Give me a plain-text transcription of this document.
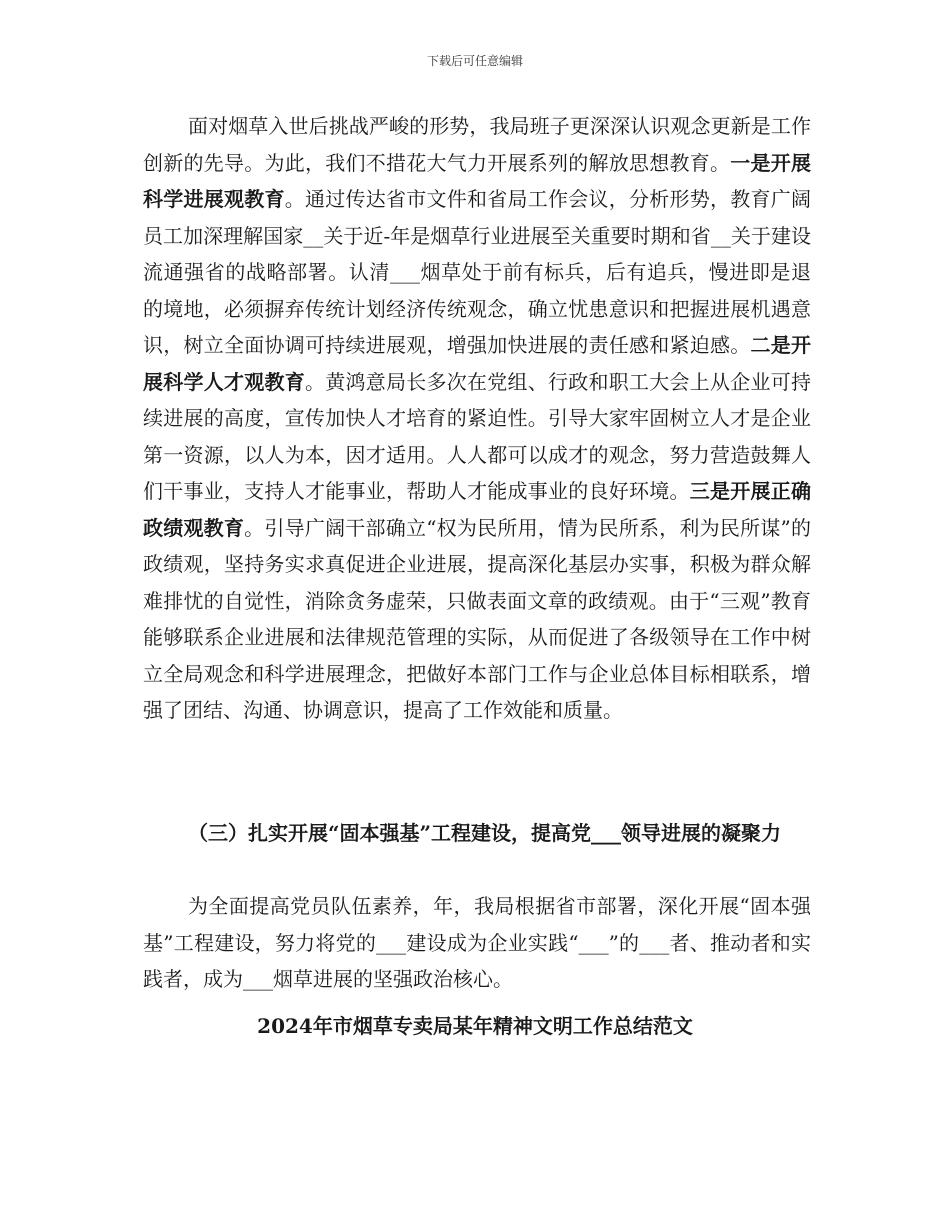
下载后可任意编辑

面对烟草入世后挑战严峻的形势，我局班子更深深认识观念更新是工作创新的先导。为此，我们不措花大气力开展系列的解放思想教育。一是开展科学进展观教育。通过传达省市文件和省局工作会议，分析形势，教育广阔员工加深理解国家__关于近-年是烟草行业进展至关重要时期和省__关于建设流通强省的战略部署。认清___烟草处于前有标兵，后有追兵，慢进即是退的境地，必须摒弃传统计划经济传统观念，确立忧患意识和把握进展机遇意识，树立全面协调可持续进展观，增强加快进展的责任感和紧迫感。二是开展科学人才观教育。黄鸿意局长多次在党组、行政和职工大会上从企业可持续进展的高度，宣传加快人才培育的紧迫性。引导大家牢固树立人才是企业第一资源，以人为本，因才适用。人人都可以成才的观念，努力营造鼓舞人们干事业，支持人才能事业，帮助人才能成事业的良好环境。三是开展正确政绩观教育。引导广阔干部确立“权为民所用，情为民所系，利为民所谋”的政绩观，坚持务实求真促进企业进展，提高深化基层办实事，积极为群众解难排忧的自觉性，消除贪务虚荣，只做表面文章的政绩观。由于“三观”教育能够联系企业进展和法律规范管理的实际，从而促进了各级领导在工作中树立全局观念和科学进展理念，把做好本部门工作与企业总体目标相联系，增强了团结、沟通、协调意识，提高了工作效能和质量。

（三）扎实开展“固本强基”工程建设，提高党___领导进展的凝聚力

为全面提高党员队伍素养，年，我局根据省市部署，深化开展“固本强基”工程建设，努力将党的___建设成为企业实践“___”的___者、推动者和实践者，成为___烟草进展的坚强政治核心。

2024年市烟草专卖局某年精神文明工作总结范文
